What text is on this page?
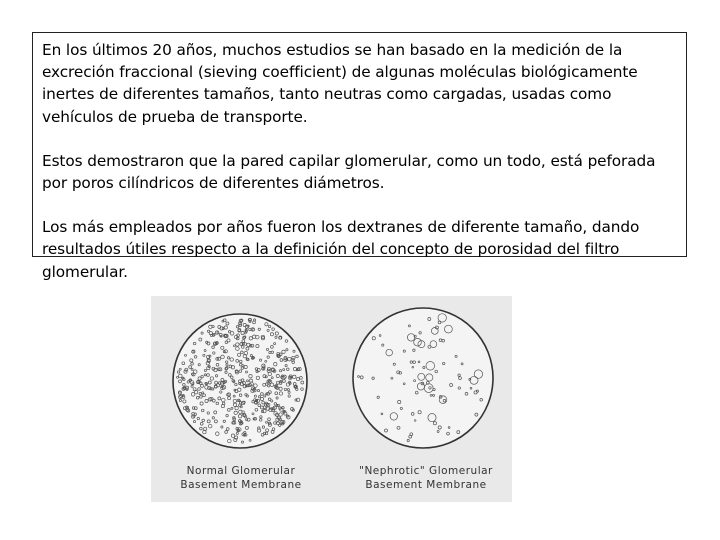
En los últimos 20 años, muchos estudios se han basado en la medición de la excreción fraccional (sieving coefficient) de algunas moléculas biológicamente inertes de diferentes tamaños, tanto neutras como cargadas, usadas como vehículos de prueba de transporte.

Estos demostraron que la pared capilar glomerular, como un todo, está peforada por poros cilíndricos de diferentes diámetros.

Los más empleados por años fueron los dextranes de diferente tamaño, dando resultados útiles respecto a la definición del concepto de porosidad del filtro glomerular.

Normal Glomerular
Basement Membrane
"Nephrotic" Glomerular
Basement Membrane
